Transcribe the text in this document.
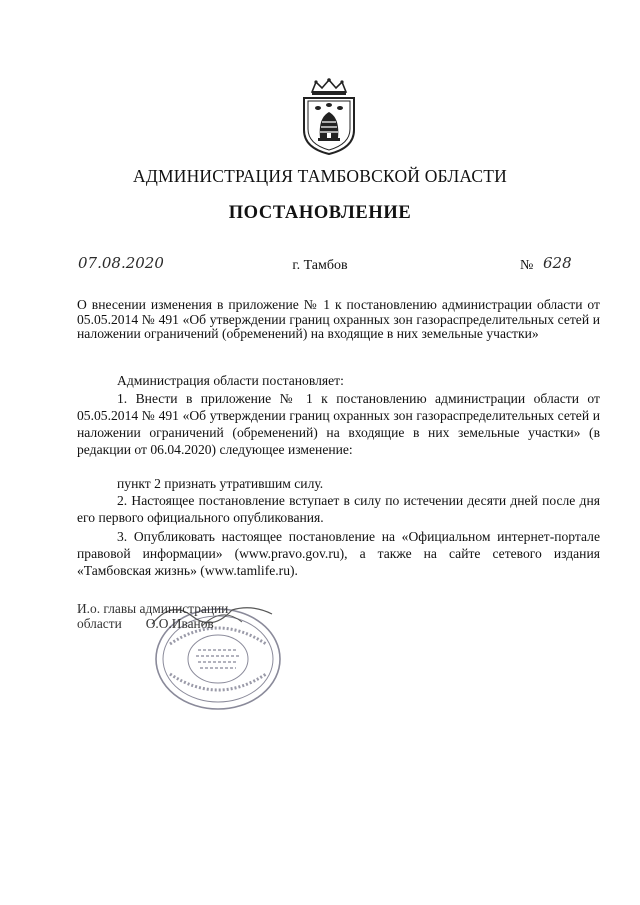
АДМИНИСТРАЦИЯ ТАМБОВСКОЙ ОБЛАСТИ
ПОСТАНОВЛЕНИЕ
07.08.2020	г. Тамбов	№ 628
О внесении изменения в приложение № 1 к постановлению администрации области от 05.05.2014 № 491 «Об утверждении границ охранных зон газораспределительных сетей и наложении ограничений (обременений) на входящие в них земельные участки»

Администрация области постановляет:

1. Внести в приложение № 1 к постановлению администрации области от 05.05.2014 № 491 «Об утверждении границ охранных зон газораспределительных сетей и наложении ограничений (обременений) на входящие в них земельные участки» (в редакции от 06.04.2020) следующее изменение:

пункт 2 признать утратившим силу.

2. Настоящее постановление вступает в силу по истечении десяти дней после дня его первого официального опубликования.

3. Опубликовать настоящее постановление на «Официальном интернет-портале правовой информации» (www.pravo.gov.ru), а также на сайте сетевого издания «Тамбовская жизнь» (www.tamlife.ru).

И.о. главы администрации
области О.О.Иванов
